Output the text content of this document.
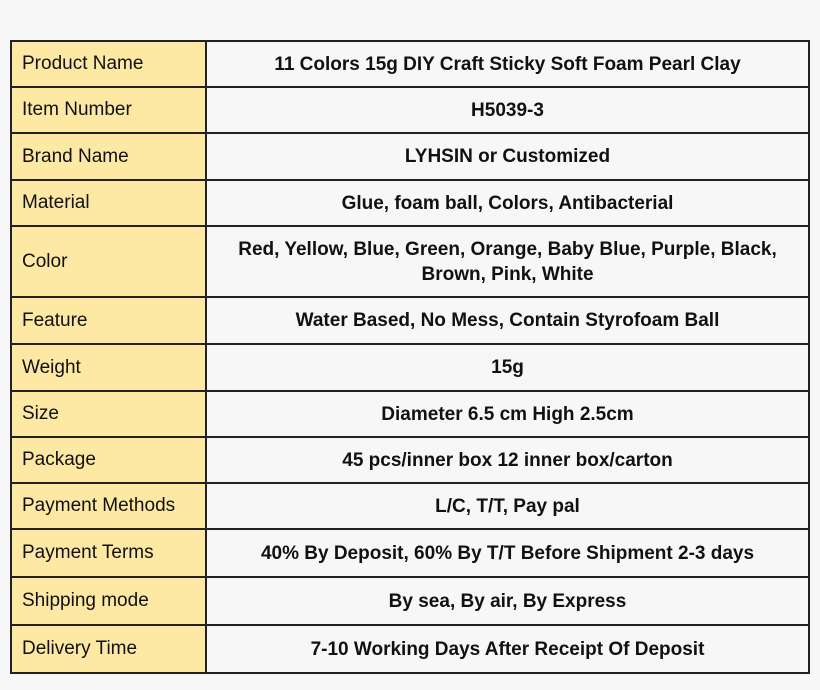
Product Name	11 Colors 15g DIY Craft Sticky Soft Foam Pearl Clay
Item Number	H5039-3
Brand Name	LYHSIN or Customized
Material	Glue, foam ball, Colors, Antibacterial
Color	Red, Yellow, Blue, Green, Orange, Baby Blue, Purple, Black, Brown, Pink, White
Feature	Water Based, No Mess, Contain Styrofoam Ball
Weight	15g
Size	Diameter 6.5 cm High 2.5cm
Package	45 pcs/inner box 12 inner box/carton
Payment Methods	L/C, T/T, Pay pal
Payment Terms	40% By Deposit, 60% By T/T Before Shipment 2-3 days
Shipping mode	By sea, By air, By Express
Delivery Time	7-10 Working Days After Receipt Of Deposit
